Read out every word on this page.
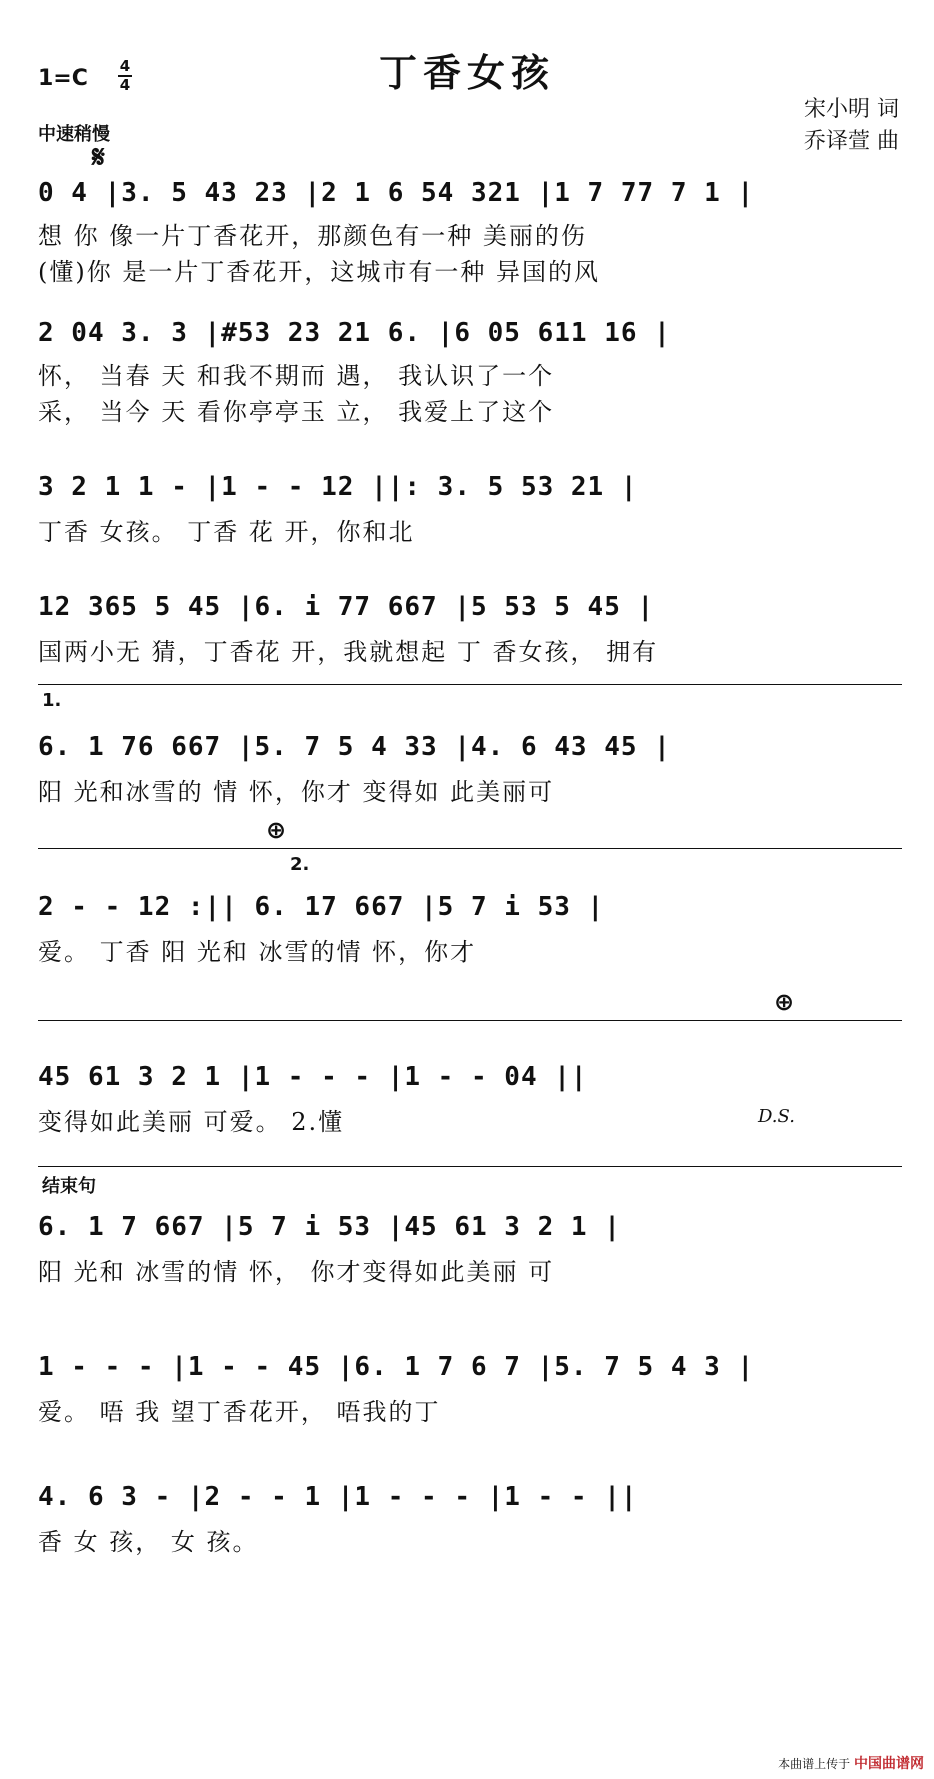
1=C 4
4	丁香女孩
宋小明 词
乔译萱 曲
中速稍慢
𝄋
0 4 |3. 5 43 23 |2 1 6 54 321 |1 7 77 7 1 |
想 你 像一片丁香花开，那颜色有一种 美丽的伤
(懂)你 是一片丁香花开，这城市有一种 异国的风
2 04 3. 3 |#53 23 21 6. |6 05 611 16 |
怀， 当春 天 和我不期而 遇， 我认识了一个
采， 当今 天 看你亭亭玉 立， 我爱上了这个
3 2 1 1 - |1 - - 12 ||: 3. 5 53 21 |
丁香 女孩。 丁香 花 开，你和北
12 365 5 45 |6. i 77 667 |5 53 5 45 |
国两小无 猜，丁香花 开，我就想起 丁 香女孩， 拥有
1.
6. 1 76 667 |5. 7 5 4 33 |4. 6 43 45 |
阳 光和冰雪的 情 怀，你才 变得如 此美丽可
⊕
2.
2 - - 12 :|| 6. 17 667 |5 7 i 53 |
爱。 丁香 阳 光和 冰雪的情 怀，你才
⊕
45 61 3 2 1 |1 - - - |1 - - 04 ||
变得如此美丽 可爱。 2.懂	D.S.
结束句
6. 1 7 667 |5 7 i 53 |45 61 3 2 1 |
阳 光和 冰雪的情 怀， 你才变得如此美丽 可
1 - - - |1 - - 45 |6. 1 7 6 7 |5. 7 5 4 3 |
爱。 唔 我 望丁香花开， 唔我的丁
4. 6 3 - |2 - - 1 |1 - - - |1 - - ||
香 女 孩， 女 孩。
本曲谱上传于 中国曲谱网
